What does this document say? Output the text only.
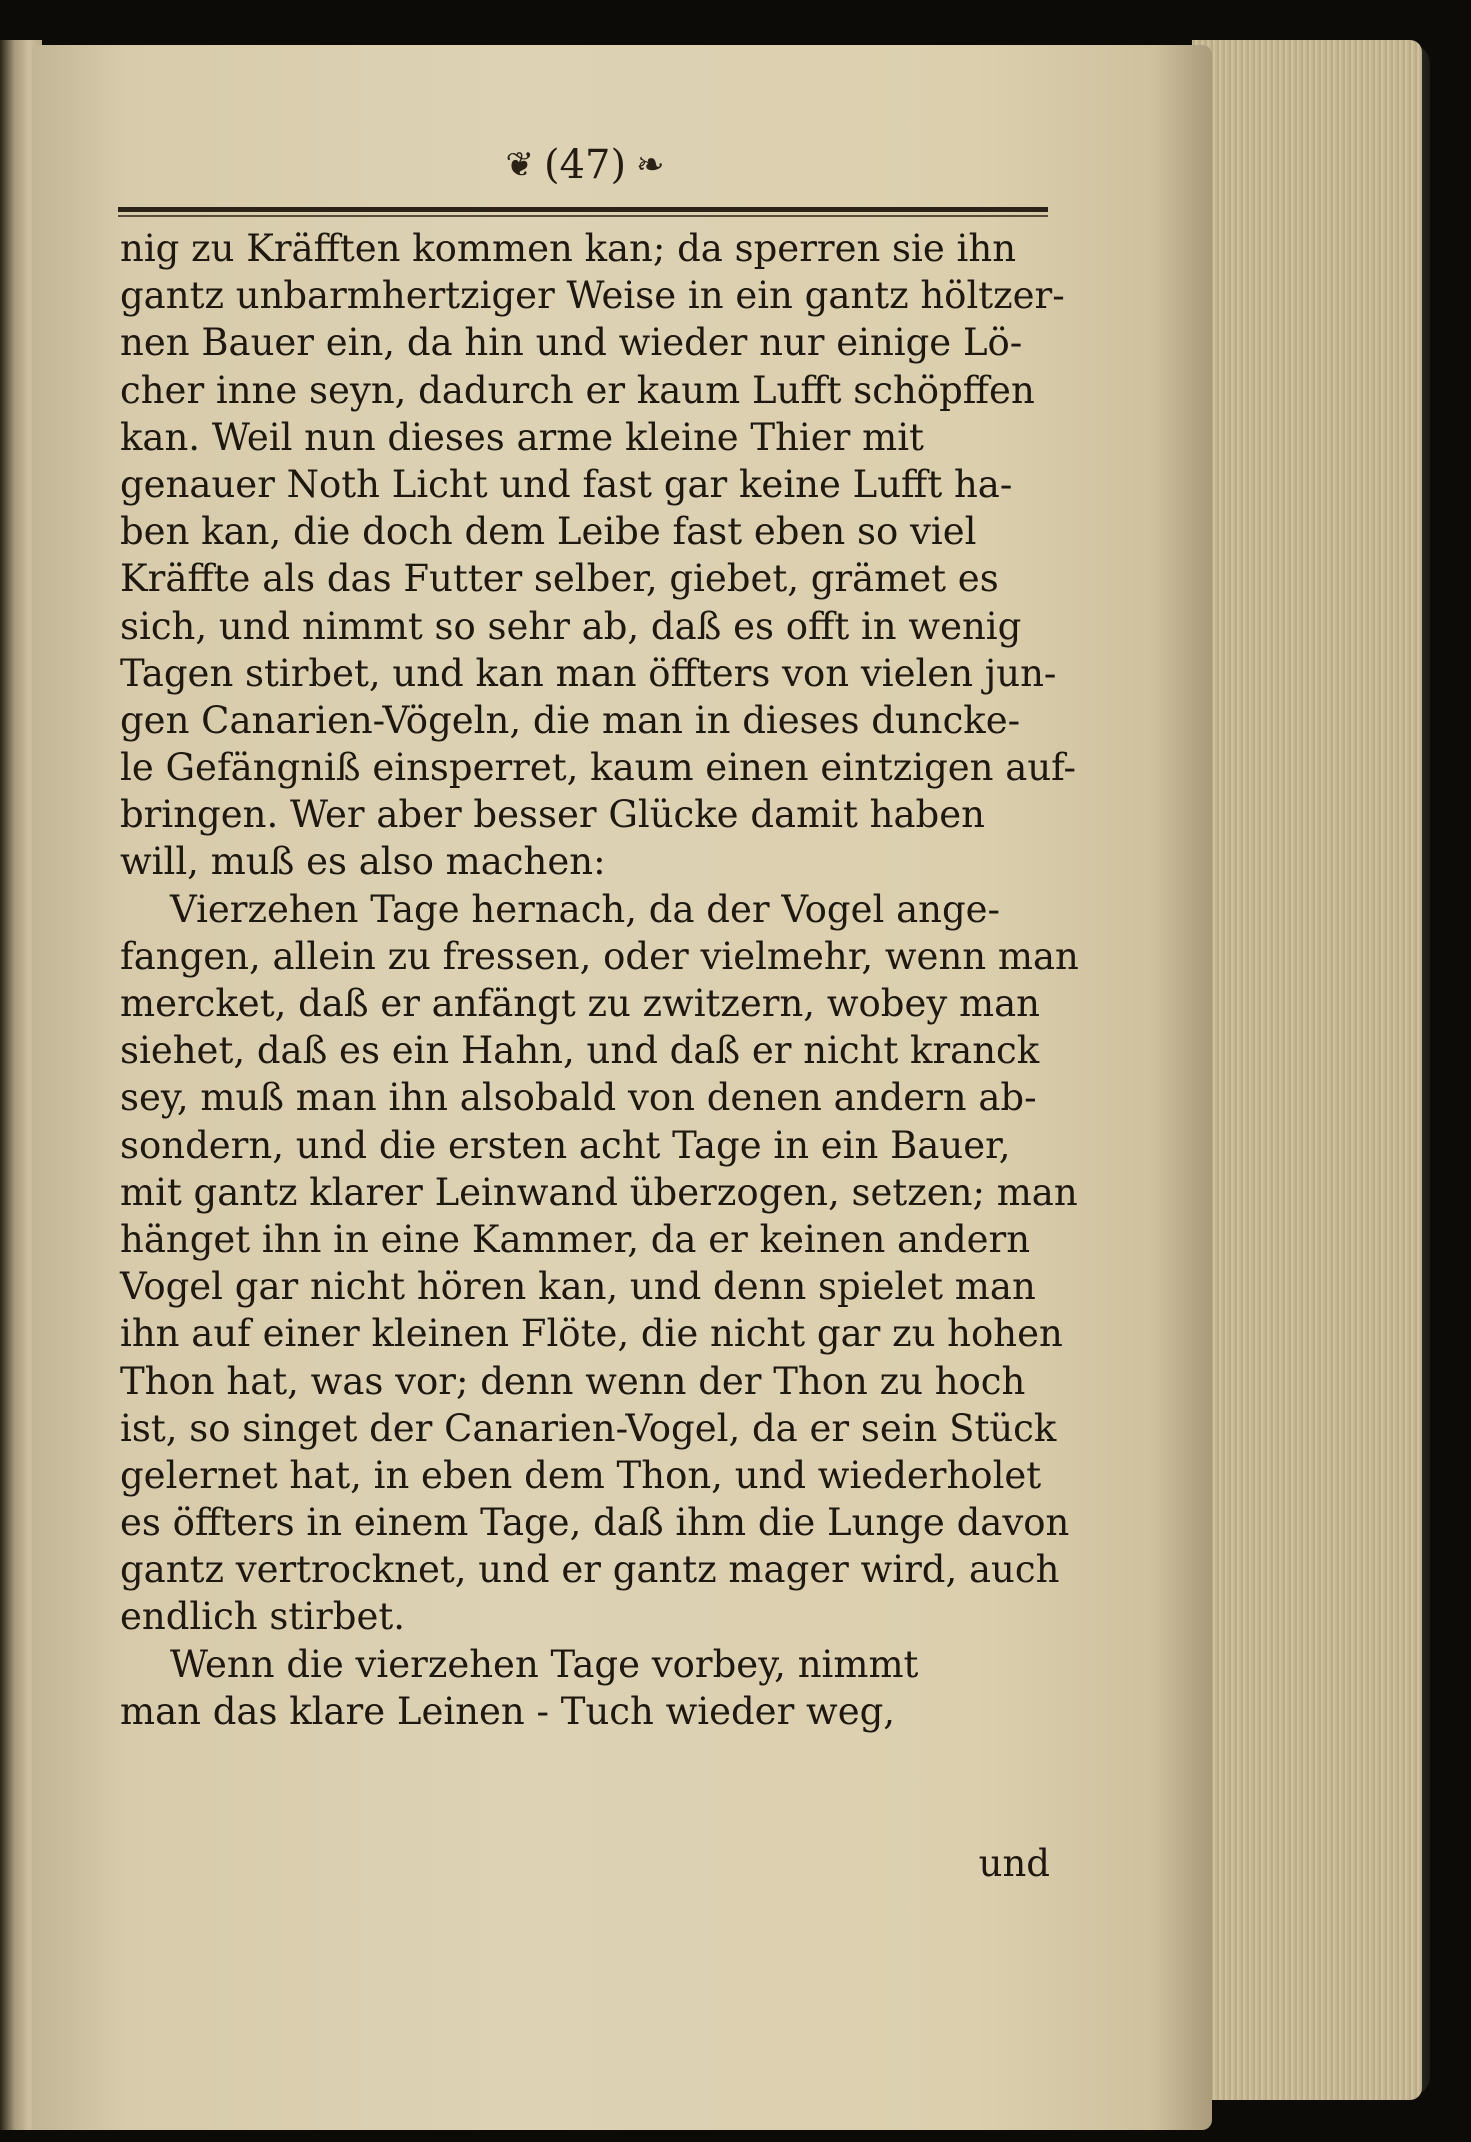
❦ (47) ❧
nig zu Kräfften kommen kan; da sperren sie ihn
gantz unbarmhertziger Weise in ein gantz höltzer-
nen Bauer ein, da hin und wieder nur einige Lö-
cher inne seyn, dadurch er kaum Lufft schöpffen
kan. Weil nun dieses arme kleine Thier mit
genauer Noth Licht und fast gar keine Lufft ha-
ben kan, die doch dem Leibe fast eben so viel
Kräffte als das Futter selber, giebet, grämet es
sich, und nimmt so sehr ab, daß es offt in wenig
Tagen stirbet, und kan man öffters von vielen jun-
gen Canarien-Vögeln, die man in dieses duncke-
le Gefängniß einsperret, kaum einen eintzigen auf-
bringen. Wer aber besser Glücke damit haben
will, muß es also machen:
Vierzehen Tage hernach, da der Vogel ange-
fangen, allein zu fressen, oder vielmehr, wenn man
mercket, daß er anfängt zu zwitzern, wobey man
siehet, daß es ein Hahn, und daß er nicht kranck
sey, muß man ihn alsobald von denen andern ab-
sondern, und die ersten acht Tage in ein Bauer,
mit gantz klarer Leinwand überzogen, setzen; man
hänget ihn in eine Kammer, da er keinen andern
Vogel gar nicht hören kan, und denn spielet man
ihn auf einer kleinen Flöte, die nicht gar zu hohen
Thon hat, was vor; denn wenn der Thon zu hoch
ist, so singet der Canarien-Vogel, da er sein Stück
gelernet hat, in eben dem Thon, und wiederholet
es öffters in einem Tage, daß ihm die Lunge davon
gantz vertrocknet, und er gantz mager wird, auch
endlich stirbet.
Wenn die vierzehen Tage vorbey, nimmt
man das klare Leinen - Tuch wieder weg,
und
